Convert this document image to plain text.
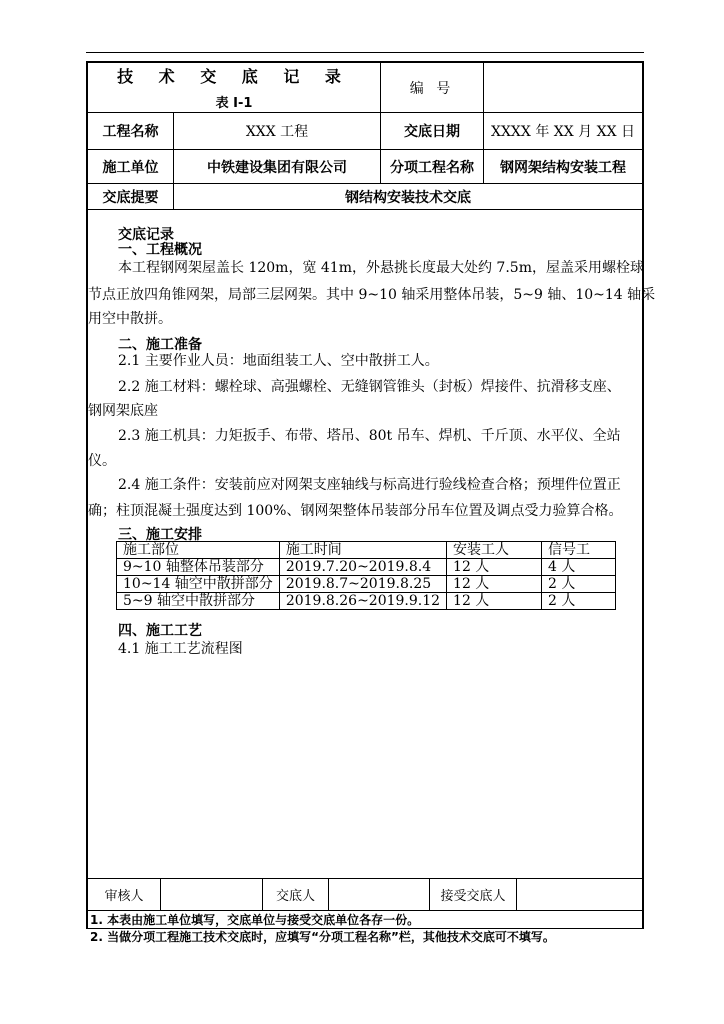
技 术 交 底 记 录
表 I-1
编 号
工程名称	XXX 工程	交底日期	XXXX 年 XX 月 XX 日
施工单位	中铁建设集团有限公司	分项工程名称	钢网架结构安装工程
交底提要	钢结构安装技术交底
交底记录
一、工程概况
本工程钢网架屋盖长 120m，宽 41m，外悬挑长度最大处约 7.5m，屋盖采用螺栓球
节点正放四角锥网架，局部三层网架。其中 9~10 轴采用整体吊装，5~9 轴、10~14 轴采
用空中散拼。
二、施工准备
2.1 主要作业人员：地面组装工人、空中散拼工人。
2.2 施工材料：螺栓球、高强螺栓、无缝钢管锥头（封板）焊接件、抗滑移支座、
钢网架底座
2.3 施工机具：力矩扳手、布带、塔吊、80t 吊车、焊机、千斤顶、水平仪、全站
仪。
2.4 施工条件：安装前应对网架支座轴线与标高进行验线检查合格；预埋件位置正
确；柱顶混凝土强度达到 100%、钢网架整体吊装部分吊车位置及调点受力验算合格。
三、施工安排
四、施工工艺
4.1 施工工艺流程图
施工部位	施工时间	安装工人	信号工
9~10 轴整体吊装部分	2019.7.20~2019.8.4	12 人	4 人
10~14 轴空中散拼部分	2019.8.7~2019.8.25	12 人	2 人
5~9 轴空中散拼部分	2019.8.26~2019.9.12	12 人	2 人
审核人	交底人	接受交底人
1. 本表由施工单位填写，交底单位与接受交底单位各存一份。
2. 当做分项工程施工技术交底时，应填写“分项工程名称”栏，其他技术交底可不填写。
